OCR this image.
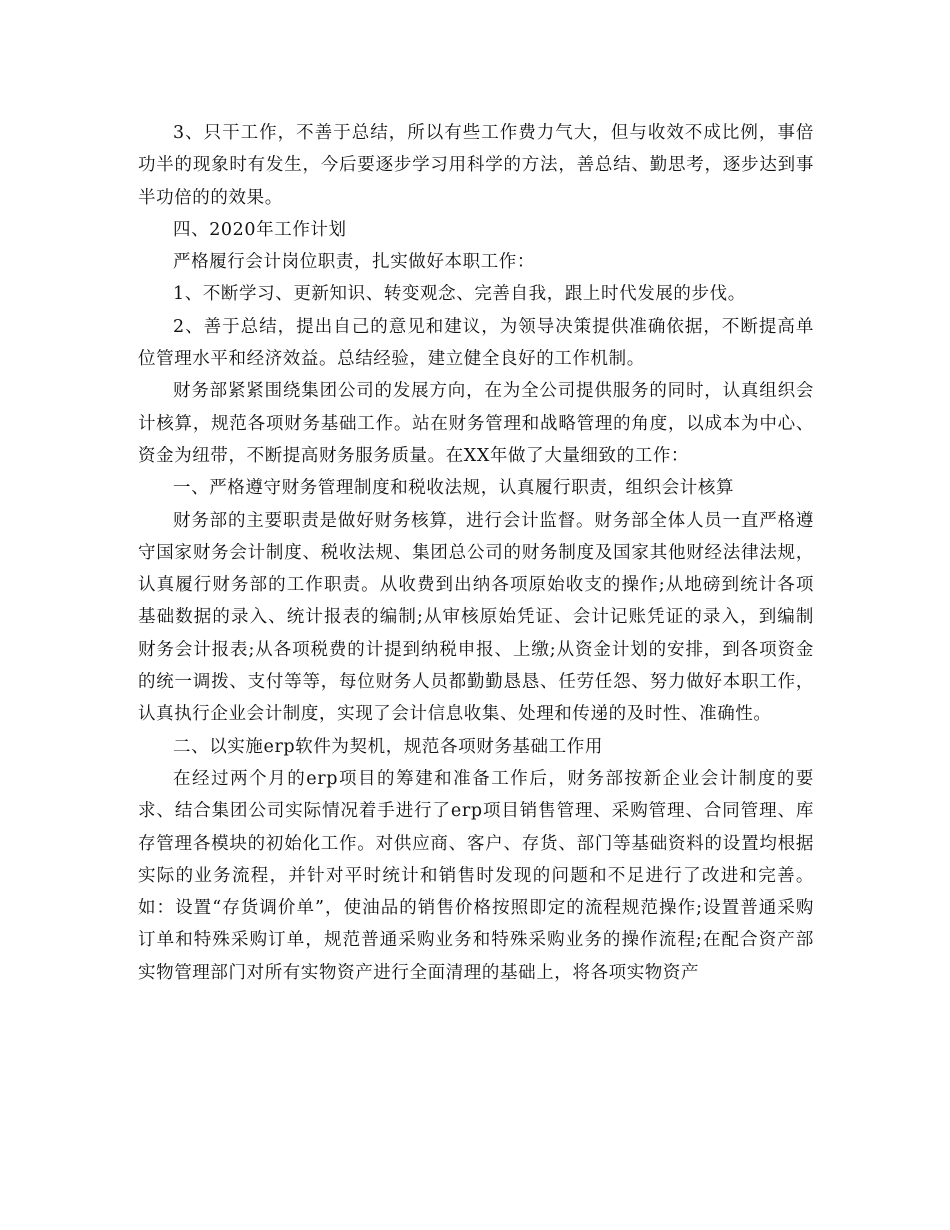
3、只干工作，不善于总结，所以有些工作费力气大，但与收效不成比例，事倍功半的现象时有发生，今后要逐步学习用科学的方法，善总结、勤思考，逐步达到事半功倍的的效果。

四、2020年工作计划

严格履行会计岗位职责，扎实做好本职工作：

1、不断学习、更新知识、转变观念、完善自我，跟上时代发展的步伐。

2、善于总结，提出自己的意见和建议，为领导决策提供准确依据，不断提高单位管理水平和经济效益。总结经验，建立健全良好的工作机制。

财务部紧紧围绕集团公司的发展方向，在为全公司提供服务的同时，认真组织会计核算，规范各项财务基础工作。站在财务管理和战略管理的角度，以成本为中心、资金为纽带，不断提高财务服务质量。在XX年做了大量细致的工作：

一、严格遵守财务管理制度和税收法规，认真履行职责，组织会计核算

财务部的主要职责是做好财务核算，进行会计监督。财务部全体人员一直严格遵守国家财务会计制度、税收法规、集团总公司的财务制度及国家其他财经法律法规，认真履行财务部的工作职责。从收费到出纳各项原始收支的操作;从地磅到统计各项基础数据的录入、统计报表的编制;从审核原始凭证、会计记账凭证的录入，到编制财务会计报表;从各项税费的计提到纳税申报、上缴;从资金计划的安排，到各项资金的统一调拨、支付等等，每位财务人员都勤勤恳恳、任劳任怨、努力做好本职工作，认真执行企业会计制度，实现了会计信息收集、处理和传递的及时性、准确性。

二、以实施erp软件为契机，规范各项财务基础工作用

在经过两个月的erp项目的筹建和准备工作后，财务部按新企业会计制度的要求、结合集团公司实际情况着手进行了erp项目销售管理、采购管理、合同管理、库存管理各模块的初始化工作。对供应商、客户、存货、部门等基础资料的设置均根据实际的业务流程，并针对平时统计和销售时发现的问题和不足进行了改进和完善。如：设置“存货调价单”，使油品的销售价格按照即定的流程规范操作;设置普通采购订单和特殊采购订单，规范普通采购业务和特殊采购业务的操作流程;在配合资产部实物管理部门对所有实物资产进行全面清理的基础上，将各项实物资产
